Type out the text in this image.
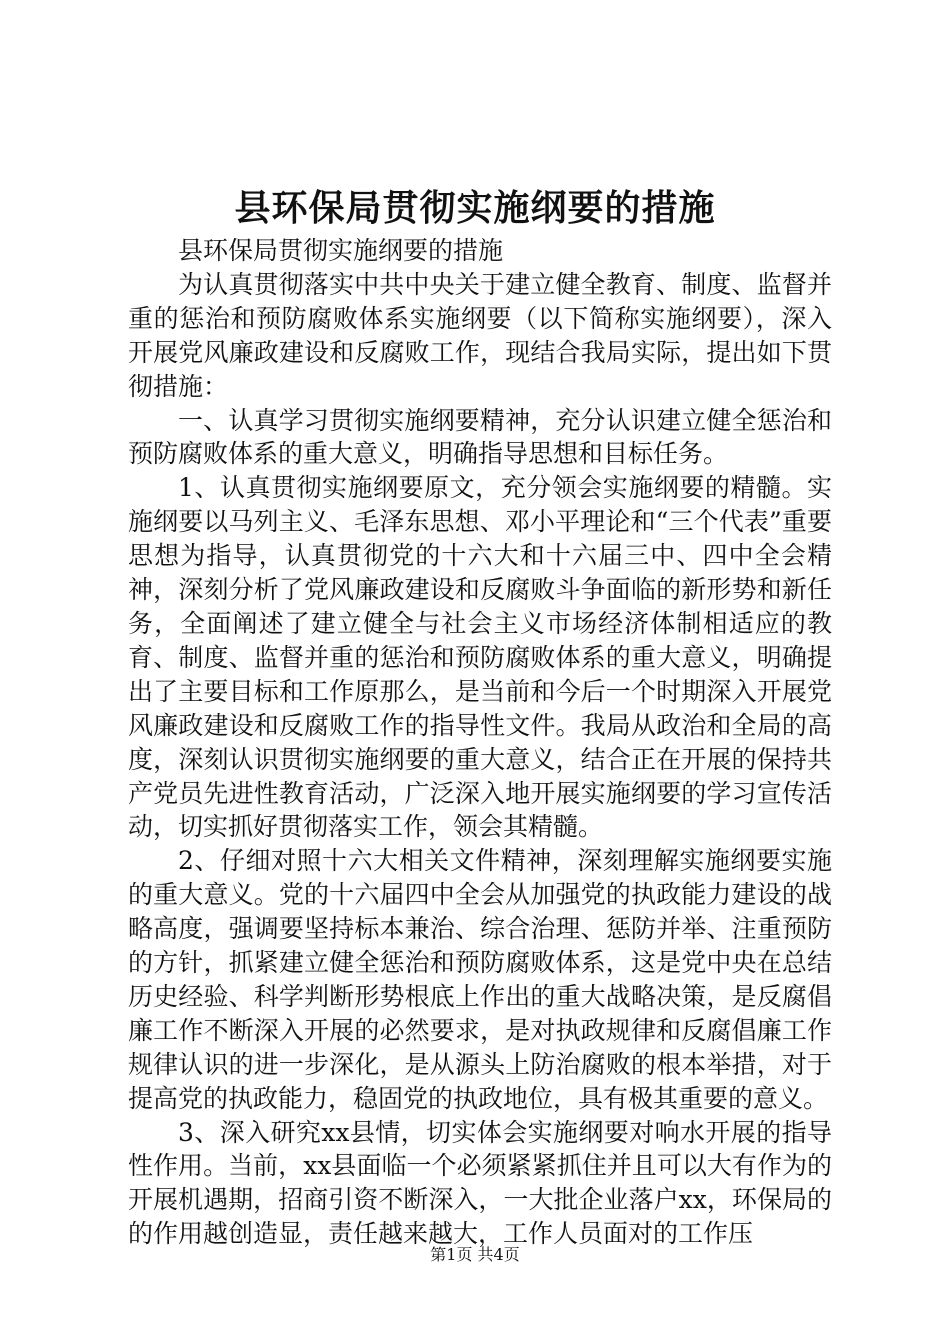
县环保局贯彻实施纲要的措施

县环保局贯彻实施纲要的措施

为认真贯彻落实中共中央关于建立健全教育、制度、监督并重的惩治和预防腐败体系实施纲要（以下简称实施纲要），深入开展党风廉政建设和反腐败工作，现结合我局实际，提出如下贯彻措施：

一、认真学习贯彻实施纲要精神，充分认识建立健全惩治和预防腐败体系的重大意义，明确指导思想和目标任务。

1、认真贯彻实施纲要原文，充分领会实施纲要的精髓。实施纲要以马列主义、毛泽东思想、邓小平理论和“三个代表”重要思想为指导，认真贯彻党的十六大和十六届三中、四中全会精神，深刻分析了党风廉政建设和反腐败斗争面临的新形势和新任务，全面阐述了建立健全与社会主义市场经济体制相适应的教育、制度、监督并重的惩治和预防腐败体系的重大意义，明确提出了主要目标和工作原那么，是当前和今后一个时期深入开展党风廉政建设和反腐败工作的指导性文件。我局从政治和全局的高度，深刻认识贯彻实施纲要的重大意义，结合正在开展的保持共产党员先进性教育活动，广泛深入地开展实施纲要的学习宣传活动，切实抓好贯彻落实工作，领会其精髓。

2、仔细对照十六大相关文件精神，深刻理解实施纲要实施的重大意义。党的十六届四中全会从加强党的执政能力建设的战略高度，强调要坚持标本兼治、综合治理、惩防并举、注重预防的方针，抓紧建立健全惩治和预防腐败体系，这是党中央在总结历史经验、科学判断形势根底上作出的重大战略决策，是反腐倡廉工作不断深入开展的必然要求，是对执政规律和反腐倡廉工作规律认识的进一步深化，是从源头上防治腐败的根本举措，对于提高党的执政能力，稳固党的执政地位，具有极其重要的意义。

3、深入研究xx县情，切实体会实施纲要对响水开展的指导性作用。当前，xx县面临一个必须紧紧抓住并且可以大有作为的开展机遇期，招商引资不断深入，一大批企业落户xx，环保局的的作用越创造显，责任越来越大，工作人员面对的工作压

第1页 共4页
